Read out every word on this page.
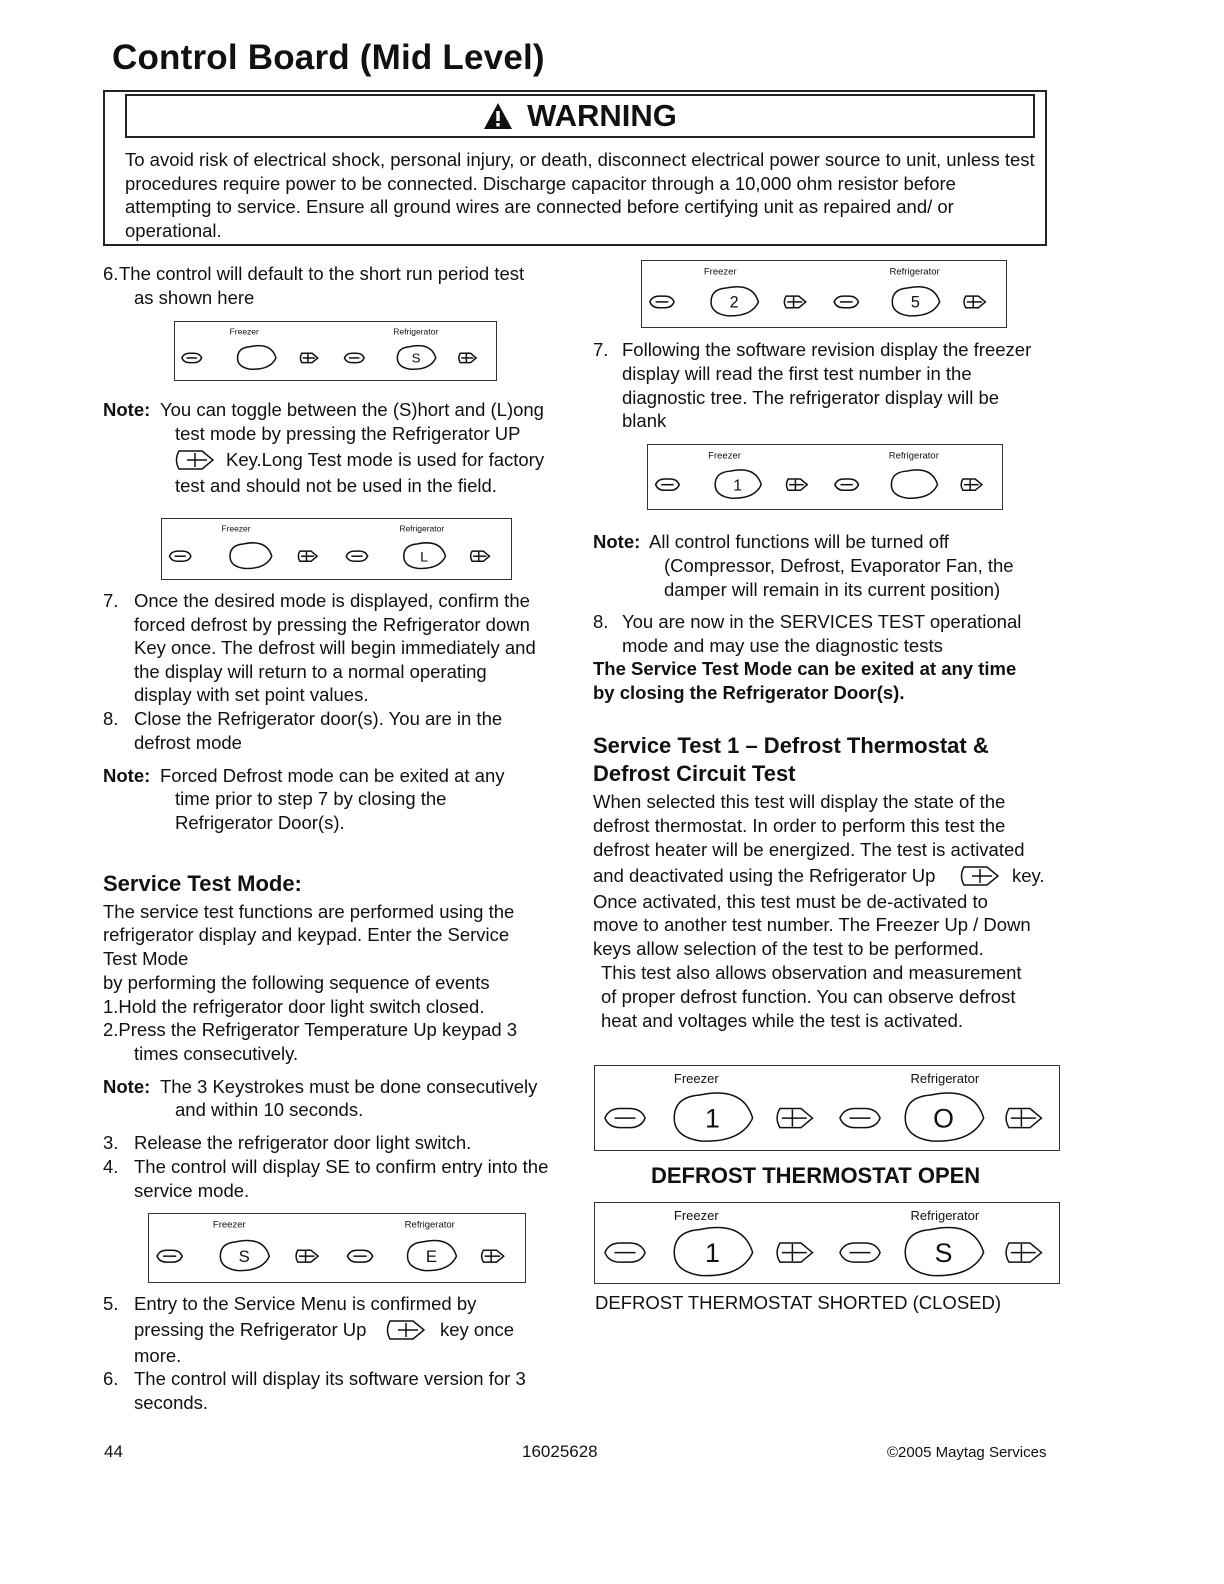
Control Board (Mid Level)
WARNING
To avoid risk of electrical shock, personal injury, or death, disconnect electrical power source to unit, unless test procedures require power to be connected. Discharge capacitor through a 10,000 ohm resistor before attempting to service. Ensure all ground wires are connected before certifying unit as repaired and/ or operational.
6. The control will default to the short run period test
as shown here
Freezer	Refrigerator
S
Note: You can toggle between the (S)hort and (L)ong
test mode by pressing the Refrigerator UP
Key.Long Test mode is used for factory
test and should not be used in the field.
Freezer	Refrigerator
L
7. Once the desired mode is displayed, confirm the
forced defrost by pressing the Refrigerator down
Key once. The defrost will begin immediately and
the display will return to a normal operating
display with set point values.
8. Close the Refrigerator door(s). You are in the
defrost mode
Note: Forced Defrost mode can be exited at any
time prior to step 7 by closing the
Refrigerator Door(s).
Service Test Mode:
The service test functions are performed using the
refrigerator display and keypad. Enter the Service
Test Mode
by performing the following sequence of events
1.Hold the refrigerator door light switch closed.
2.Press the Refrigerator Temperature Up keypad 3
times consecutively.
Note: The 3 Keystrokes must be done consecutively
and within 10 seconds.
3. Release the refrigerator door light switch.
4. The control will display SE to confirm entry into the
service mode.
Freezer	Refrigerator
S	E
5. Entry to the Service Menu is confirmed by
pressing the Refrigerator Up	key once
more.
6. The control will display its software version for 3
seconds.
Freezer	Refrigerator
2	5
7. Following the software revision display the freezer
display will read the first test number in the
diagnostic tree. The refrigerator display will be
blank
Freezer	Refrigerator
1
Note: All control functions will be turned off
(Compressor, Defrost, Evaporator Fan, the
damper will remain in its current position)
8. You are now in the SERVICES TEST operational
mode and may use the diagnostic tests
The Service Test Mode can be exited at any time
by closing the Refrigerator Door(s).
Service Test 1 – Defrost Thermostat &
Defrost Circuit Test
When selected this test will display the state of the
defrost thermostat. In order to perform this test the
defrost heater will be energized. The test is activated
and deactivated using the Refrigerator Up	key.
Once activated, this test must be de-activated to
move to another test number. The Freezer Up / Down
keys allow selection of the test to be performed.
This test also allows observation and measurement
of proper defrost function. You can observe defrost
heat and voltages while the test is activated.
Freezer	Refrigerator
1	O
DEFROST THERMOSTAT OPEN
Freezer	Refrigerator
1	S
DEFROST THERMOSTAT SHORTED (CLOSED)
44	16025628	©2005 Maytag Services
